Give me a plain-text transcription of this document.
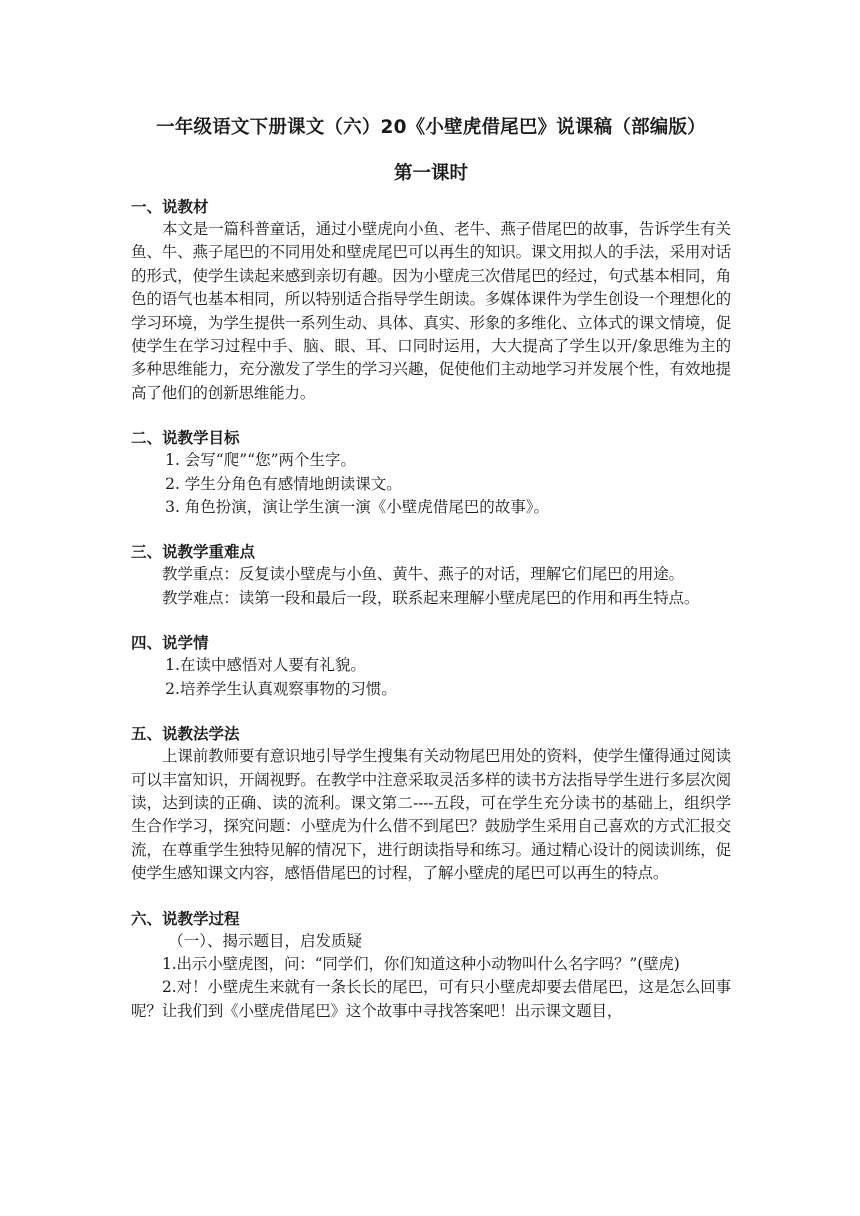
一年级语文下册课文（六）20《小壁虎借尾巴》说课稿（部编版）
第一课时

一、说教材

本文是一篇科普童话，通过小壁虎向小鱼、老牛、燕子借尾巴的故事，告诉学生有关鱼、牛、燕子尾巴的不同用处和壁虎尾巴可以再生的知识。课文用拟人的手法，采用对话的形式，使学生读起来感到亲切有趣。因为小壁虎三次借尾巴的经过，句式基本相同，角色的语气也基本相同，所以特别适合指导学生朗读。多媒体课件为学生创设一个理想化的学习环境，为学生提供一系列生动、具体、真实、形象的多维化、立体式的课文情境，促使学生在学习过程中手、脑、眼、耳、口同时运用，大大提高了学生以开/象思维为主的多种思维能力，充分激发了学生的学习兴趣，促使他们主动地学习并发展个性，有效地提高了他们的创新思维能力。

二、说教学目标

1. 会写“爬”“您”两个生字。

2. 学生分角色有感情地朗读课文。

3. 角色扮演，演让学生演一演《小壁虎借尾巴的故事》。

三、说教学重难点

教学重点：反复读小壁虎与小鱼、黄牛、燕子的对话，理解它们尾巴的用途。

教学难点：读第一段和最后一段，联系起来理解小壁虎尾巴的作用和再生特点。

四、说学情

1.在读中感悟对人要有礼貌。

2.培养学生认真观察事物的习惯。

五、说教法学法

上课前教师要有意识地引导学生搜集有关动物尾巴用处的资料，使学生懂得通过阅读可以丰富知识，开阔视野。在教学中注意采取灵活多样的读书方法指导学生进行多层次阅读，达到读的正确、读的流利。课文第二----五段，可在学生充分读书的基础上，组织学生合作学习，探究问题：小壁虎为什么借不到尾巴？鼓励学生采用自己喜欢的方式汇报交流，在尊重学生独特见解的情况下，进行朗读指导和练习。通过精心设计的阅读训练，促使学生感知课文内容，感悟借尾巴的讨程，了解小壁虎的尾巴可以再生的特点。

六、说教学过程

（一）、揭示题目，启发质疑

1.出示小壁虎图，问：“同学们，你们知道这种小动物叫什么名字吗？”(壁虎)

2.对！小壁虎生来就有一条长长的尾巴，可有只小壁虎却要去借尾巴，这是怎么回事呢？让我们到《小壁虎借尾巴》这个故事中寻找答案吧！出示课文题目，
